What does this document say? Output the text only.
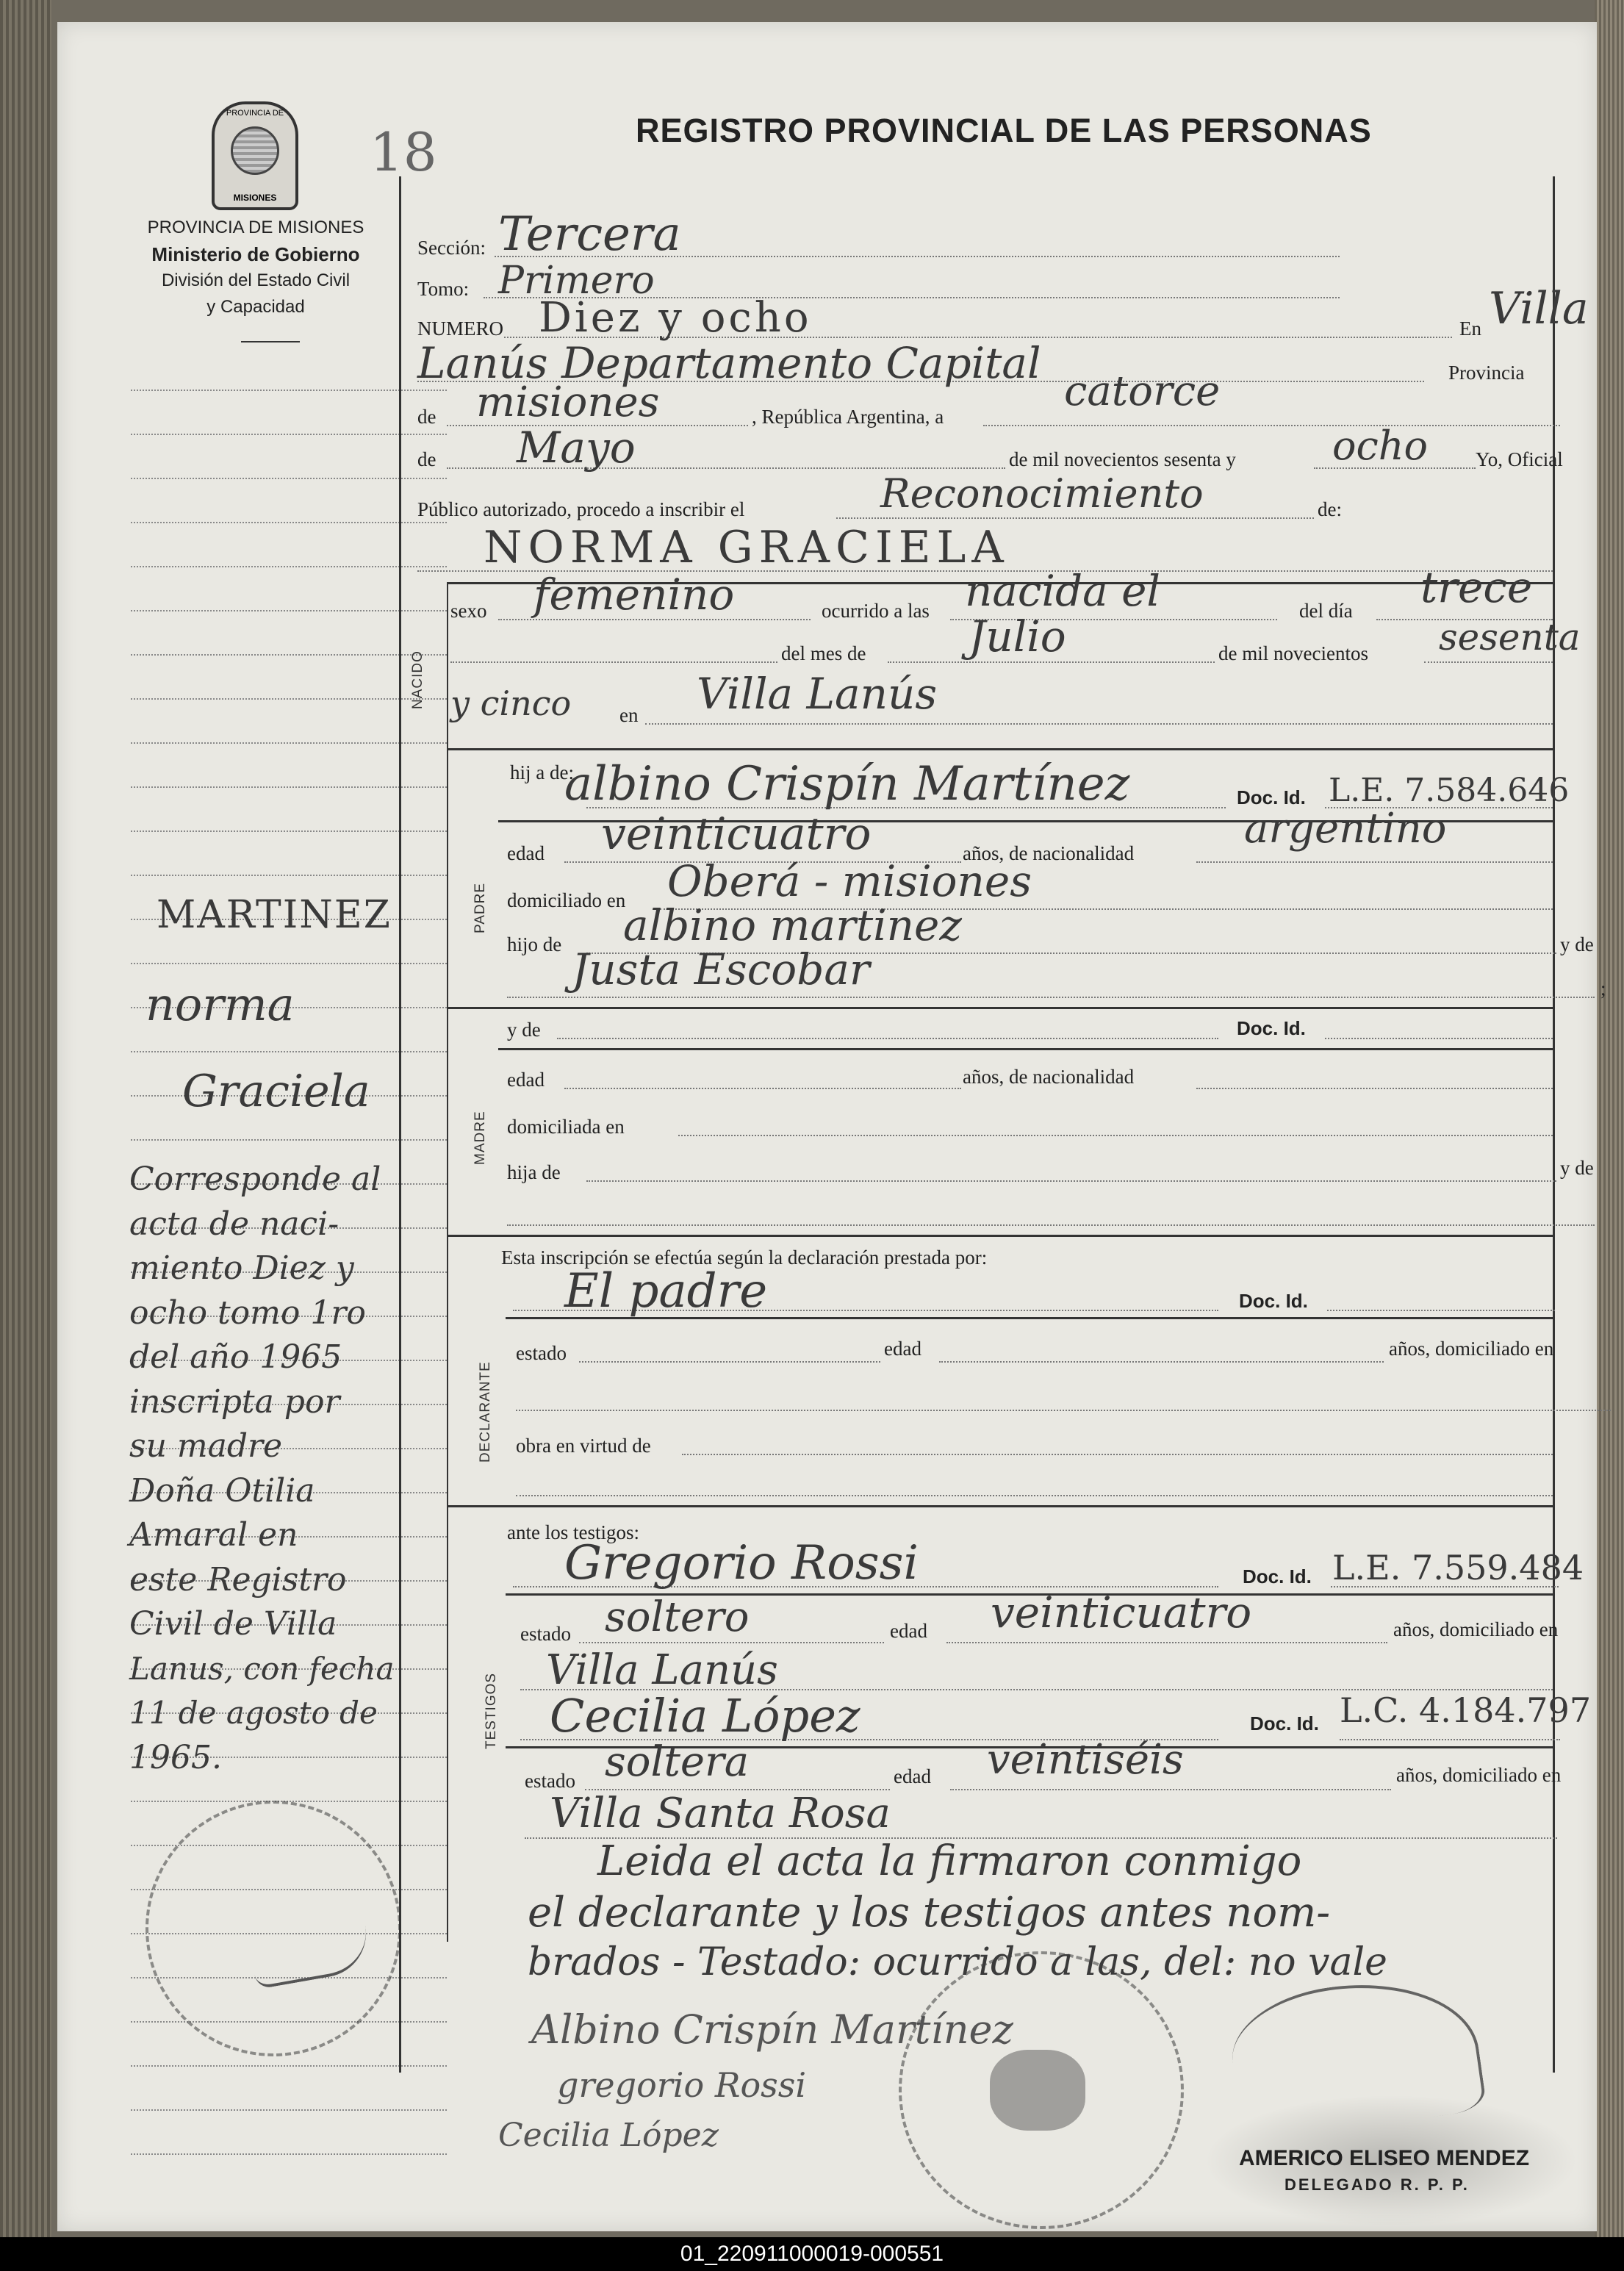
PROVINCIA DE
MISIONES
18	REGISTRO PROVINCIAL DE LAS PERSONAS
PROVINCIA DE MISIONES
Ministerio de Gobierno
División del Estado Civil
y Capacidad
MARTINEZ
norma
Graciela
Corresponde al
acta de naci-
miento Diez y
ocho tomo 1ro
del año 1965
inscripta por
su madre
Doña Otilia
Amaral en
este Registro
Civil de Villa
Lanus, con fecha
11 de agosto de
1965.
Sección: Tercera
Tomo: Primero
NUMERO Diez y ocho	En Villa
Lanús Departamento Capital	Provincia
de misiones	, República Argentina, a
catorce
de Mayo	de mil novecientos sesenta y ocho Yo, Oficial
Público autorizado, procedo a inscribir el	Reconocimiento	de:
NORMA GRACIELA
NACIDO
sexo femenino	ocurrido a las nacida el	del día trece
del mes de Julio	de mil novecientos sesenta
y cinco en Villa Lanús
PADRE
hij a de:
albino Crispín Martínez	Doc. Id. L.E. 7.584.646
edad veinticuatro	años, de nacionalidad
argentino
domiciliado en Oberá - misiones
hijo de albino martinez	y de
Justa Escobar	;
MADRE
y de	Doc. Id.
edad	años, de nacionalidad
domiciliada en
hija de	y de
Esta inscripción se efectúa según la declaración prestada por:
El padre	Doc. Id.
DECLARANTE
estado	edad	años, domiciliado en
obra en virtud de
ante los testigos:
TESTIGOS
Gregorio Rossi	Doc. Id. L.E. 7.559.484
estado soltero	edad veinticuatro	años, domiciliado en
Villa Lanús
Cecilia López	Doc. Id. L.C. 4.184.797
estado soltera	edad veintiséis	años, domiciliado en
Villa Santa Rosa
Leida el acta la firmaron conmigo
el declarante y los testigos antes nom-
brados - Testado: ocurrido a las, del: no vale
Albino Crispín Martínez
gregorio Rossi
Cecilia López
AMERICO ELISEO MENDEZ
DELEGADO R. P. P.
01_220911000019-000551
